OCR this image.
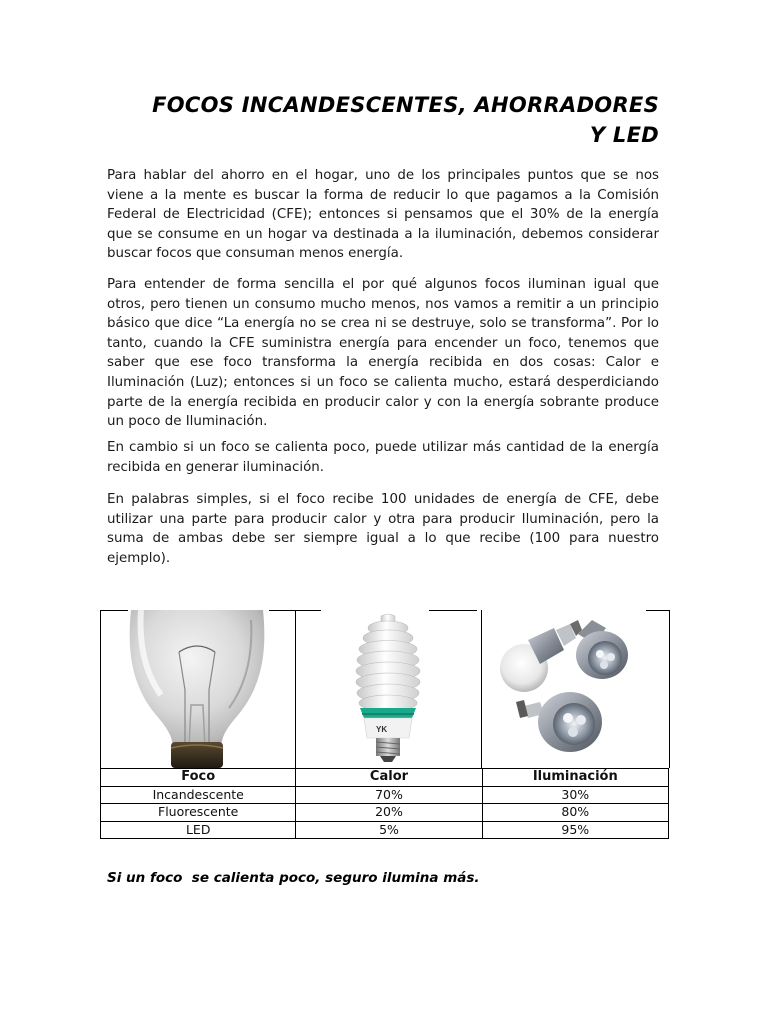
FOCOS INCANDESCENTES, AHORRADORES
Y LED

Para hablar del ahorro en el hogar, uno de los principales puntos que se nos viene a la mente es buscar la forma de reducir lo que pagamos a la Comisión Federal de Electricidad (CFE); entonces si pensamos que el 30% de la energía que se consume en un hogar va destinada a la iluminación, debemos considerar buscar focos que consuman menos energía.

Para entender de forma sencilla el por qué algunos focos iluminan igual que otros, pero tienen un consumo mucho menos, nos vamos a remitir a un principio básico que dice “La energía no se crea ni se destruye, solo se transforma”. Por lo tanto, cuando la CFE suministra energía para encender un foco, tenemos que saber que ese foco transforma la energía recibida en dos cosas: Calor e Iluminación (Luz); entonces si un foco se calienta mucho, estará desperdiciando parte de la energía recibida en producir calor y con la energía sobrante produce un poco de Iluminación.

En cambio si un foco se calienta poco, puede utilizar más cantidad de la energía recibida en generar iluminación.

En palabras simples, si el foco recibe 100 unidades de energía de CFE, debe utilizar una parte para producir calor y otra para producir Iluminación, pero la suma de ambas debe ser siempre igual a lo que recibe (100 para nuestro ejemplo).

YK
Foco	Calor	Iluminación
Incandescente	70%	30%
Fluorescente	20%	80%
LED	5%	95%
Si un foco  se calienta poco, seguro ilumina más.
